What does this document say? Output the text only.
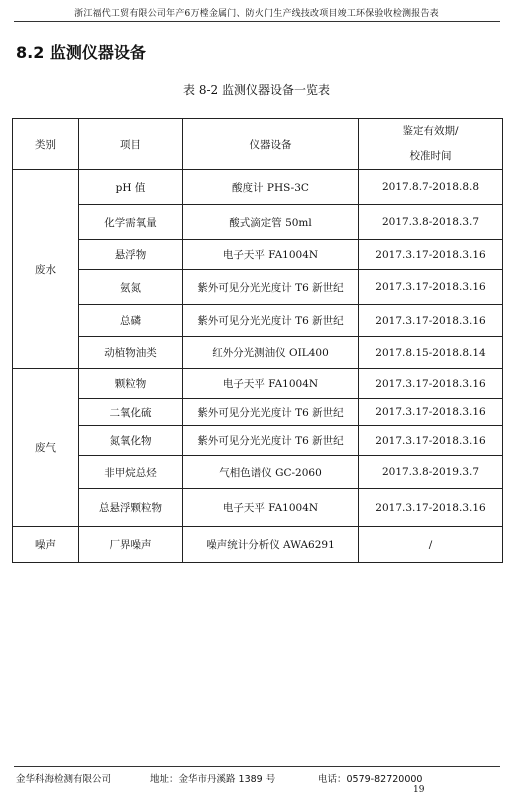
浙江福代工贸有限公司年产6万樘金属门、防火门生产线技改项目竣工环保验收检测报告表
8.2 监测仪器设备
表 8-2 监测仪器设备一览表
类别	项目	仪器设备	鉴定有效期/
校准时间
废水	pH 值	酸度计 PHS-3C	2017.8.7-2018.8.8
	化学需氧量	酸式滴定管 50ml	2017.3.8-2018.3.7
	悬浮物	电子天平 FA1004N	2017.3.17-2018.3.16
	氨氮	紫外可见分光光度计 T6 新世纪	2017.3.17-2018.3.16
	总磷	紫外可见分光光度计 T6 新世纪	2017.3.17-2018.3.16
	动植物油类	红外分光测油仪 OIL400	2017.8.15-2018.8.14
废气	颗粒物	电子天平 FA1004N	2017.3.17-2018.3.16
	二氧化硫	紫外可见分光光度计 T6 新世纪	2017.3.17-2018.3.16
	氮氧化物	紫外可见分光光度计 T6 新世纪	2017.3.17-2018.3.16
	非甲烷总烃	气相色谱仪 GC-2060	2017.3.8-2019.3.7
	总悬浮颗粒物	电子天平 FA1004N	2017.3.17-2018.3.16
噪声	厂界噪声	噪声统计分析仪 AWA6291	/
金华科海检测有限公司	地址：金华市丹溪路 1389 号	电话：0579-82720000
19
